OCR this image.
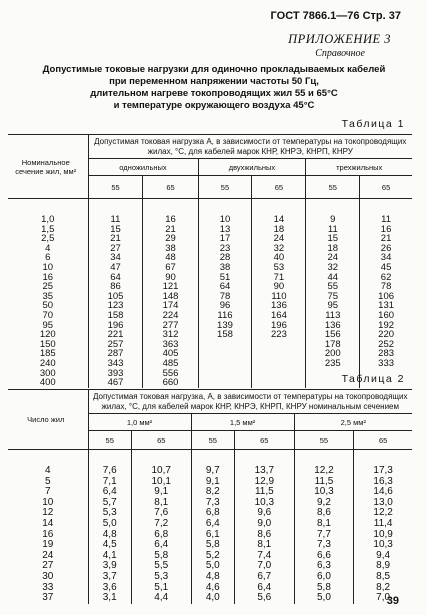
ГОСТ 7866.1—76 Стр. 37
ПРИЛОЖЕНИЕ 3
Справочное
Допустимые токовые нагрузки для одиночно прокладываемых кабелей
при переменном напряжении частоты 50 Гц,
длительном нагреве токопроводящих жил 55 и 65°C
и температуре окружающего воздуха 45°C
Таблица 1
Номинальное сечение жил, мм²	Допустимая токовая нагрузка А, в зависимости от температуры на токопроводящих жилах, °C, для кабелей марок КНР, КНРЭ, КНРП, КНРУ					
	одножильных		двухжильных		трехжильных	
	55	65	55	65	55	65
1,0	11	16	10	14	9	11
1,5	15	21	13	18	11	16
2,5	21	29	17	24	15	21
4	27	38	23	32	18	26
6	34	48	28	40	24	34
10	47	67	38	53	32	45
16	64	90	51	71	44	62
25	86	121	64	90	55	78
35	105	148	78	110	75	106
50	123	174	96	136	95	131
70	158	224	116	164	113	160
95	196	277	139	196	136	192
120	221	312	158	223	156	220
150	257	363			178	252
185	287	405			200	283
240	343	485			235	333
300	393	556				
400	467	660					Таблица 2
Число жил	Допустимая токовая нагрузка, А, в зависимости от температуры на токопроводящих жилах, °C, для кабелей марок КНР, КНРЭ, КНРП, КНРУ номинальным сечением					
	1,0 мм²		1,5 мм²		2,5 мм²	
	55	65	55	65	55	65
4	7,6	10,7	9,7	13,7	12,2	17,3
5	7,1	10,1	9,1	12,9	11,5	16,3
7	6,4	9,1	8,2	11,5	10,3	14,6
10	5,7	8,1	7,3	10,3	9,2	13,0
12	5,3	7,6	6,8	9,6	8,6	12,2
14	5,0	7,2	6,4	9,0	8,1	11,4
16	4,8	6,8	6,1	8,6	7,7	10,9
19	4,5	6,4	5,8	8,1	7,3	10,3
24	4,1	5,8	5,2	7,4	6,6	9,4
27	3,9	5,5	5,0	7,0	6,3	8,9
30	3,7	5,3	4,8	6,7	6,0	8,5
33	3,6	5,1	4,6	6,4	5,8	8,2
37	3,1	4,4	4,0	5,6	5,0	7,0
39
